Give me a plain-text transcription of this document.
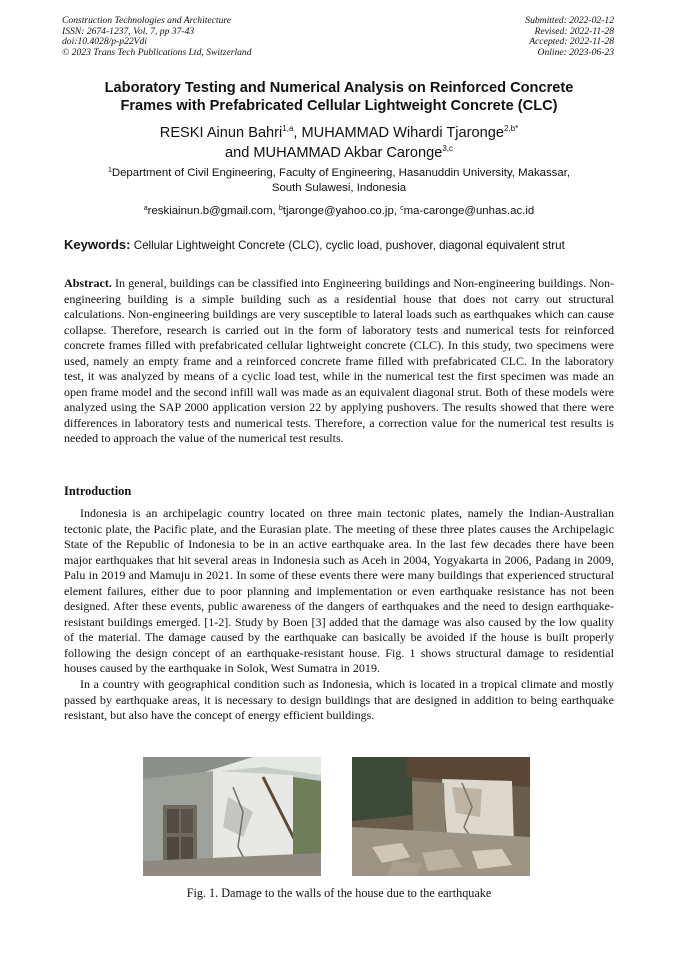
Construction Technologies and Architecture
ISSN: 2674-1237, Vol. 7, pp 37-43
doi:10.4028/p-p22Vdi
© 2023 Trans Tech Publications Ltd, Switzerland
Submitted: 2022-02-12
Revised: 2022-11-28
Accepted: 2022-11-28
Online: 2023-06-23
Laboratory Testing and Numerical Analysis on Reinforced Concrete
Frames with Prefabricated Cellular Lightweight Concrete (CLC)
RESKI Ainun Bahri$^{1,a}$, MUHAMMAD Wihardi Tjaronge$^{2,b*}$
and MUHAMMAD Akbar Caronge$^{3,c}$
$^1$Department of Civil Engineering, Faculty of Engineering, Hasanuddin University, Makassar,
South Sulawesi, Indonesia
$^a$reskiainun.b@gmail.com, $^b$tjaronge@yahoo.co.jp, $^c$ma-caronge@unhas.ac.id
Keywords: Cellular Lightweight Concrete (CLC), cyclic load, pushover, diagonal equivalent strut
Abstract. In general, buildings can be classified into Engineering buildings and Non-engineering buildings. Non-engineering building is a simple building such as a residential house that does not carry out structural calculations. Non-engineering buildings are very susceptible to lateral loads such as earthquakes which can cause collapse. Therefore, research is carried out in the form of laboratory tests and numerical tests for reinforced concrete frames filled with prefabricated cellular lightweight concrete (CLC). In this study, two specimens were used, namely an empty frame and a reinforced concrete frame filled with prefabricated CLC. In the laboratory test, it was analyzed by means of a cyclic load test, while in the numerical test the first specimen was made an open frame model and the second infill wall was made as an equivalent diagonal strut. Both of these models were analyzed using the SAP 2000 application version 22 by applying pushovers. The results showed that there were differences in laboratory tests and numerical tests. Therefore, a correction value for the numerical test results is needed to approach the value of the numerical test results.
Introduction

Indonesia is an archipelagic country located on three main tectonic plates, namely the Indian-Australian tectonic plate, the Pacific plate, and the Eurasian plate. The meeting of these three plates causes the Archipelagic State of the Republic of Indonesia to be in an active earthquake area. In the last few decades there have been major earthquakes that hit several areas in Indonesia such as Aceh in 2004, Yogyakarta in 2006, Padang in 2009, Palu in 2019 and Mamuju in 2021. In some of these events there were many buildings that experienced structural element failures, either due to poor planning and implementation or even earthquake resistance has not been designed. After these events, public awareness of the dangers of earthquakes and the need to design earthquake-resistant buildings emerged. [1-2]. Study by Boen [3] added that the damage was also caused by the low quality of the material. The damage caused by the earthquake can basically be avoided if the house is built properly following the design concept of an earthquake-resistant house. Fig. 1 shows structural damage to residential houses caused by the earthquake in Solok, West Sumatra in 2019.

In a country with geographical condition such as Indonesia, which is located in a tropical climate and mostly passed by earthquake areas, it is necessary to design buildings that are designed in addition to being earthquake resistant, but also have the concept of energy efficient buildings.

Fig. 1. Damage to the walls of the house due to the earthquake
